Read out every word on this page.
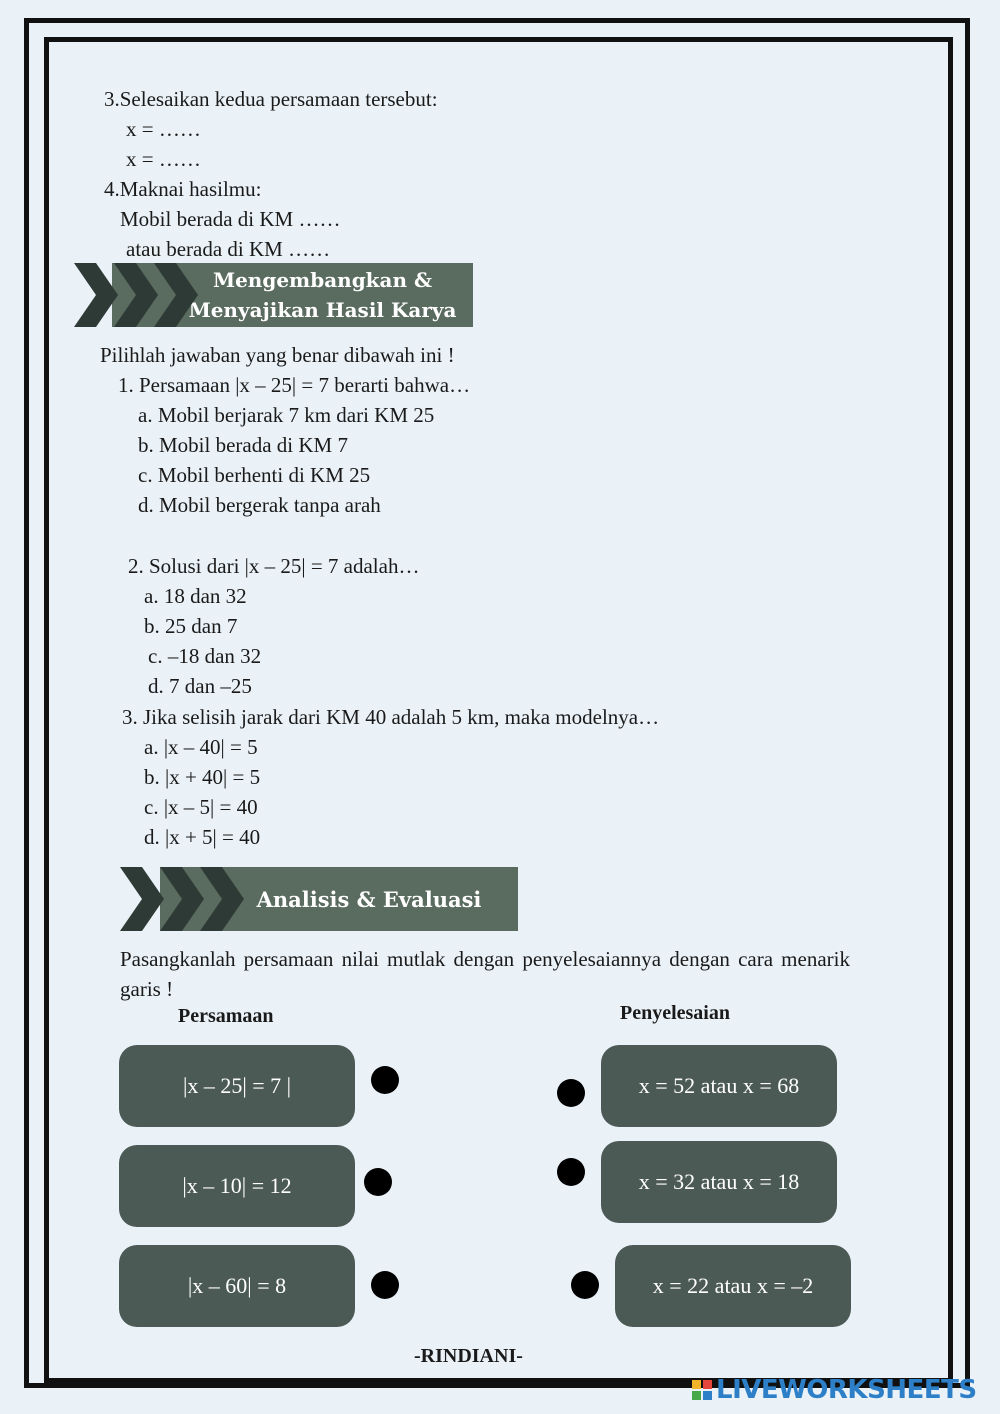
3.Selesaikan kedua persamaan tersebut:
x = ……
x = ……
4.Maknai hasilmu:
Mobil berada di KM ……
atau berada di KM ……
Mengembangkan &
Menyajikan Hasil Karya
Pilihlah jawaban yang benar dibawah ini !
1. Persamaan |x – 25| = 7 berarti bahwa…
a. Mobil berjarak 7 km dari KM 25
b. Mobil berada di KM 7
c. Mobil berhenti di KM 25
d. Mobil bergerak tanpa arah
2. Solusi dari |x – 25| = 7 adalah…
a. 18 dan 32
b. 25 dan 7
c. –18 dan 32
d. 7 dan –25
3. Jika selisih jarak dari KM 40 adalah 5 km, maka modelnya…
a. |x – 40| = 5
b. |x + 40| = 5
c. |x – 5| = 40
d. |x + 5| = 40
Analisis & Evaluasi
Pasangkanlah persamaan nilai mutlak dengan penyelesaiannya dengan cara menarik garis !
Persamaan	Penyelesaian
|x – 25| = 7 |
|x – 10| = 12
|x – 60| = 8
x = 52 atau x = 68
x = 32 atau x = 18
x = 22 atau x = –2
-RINDIANI-
LIVEWORKSHEETS
